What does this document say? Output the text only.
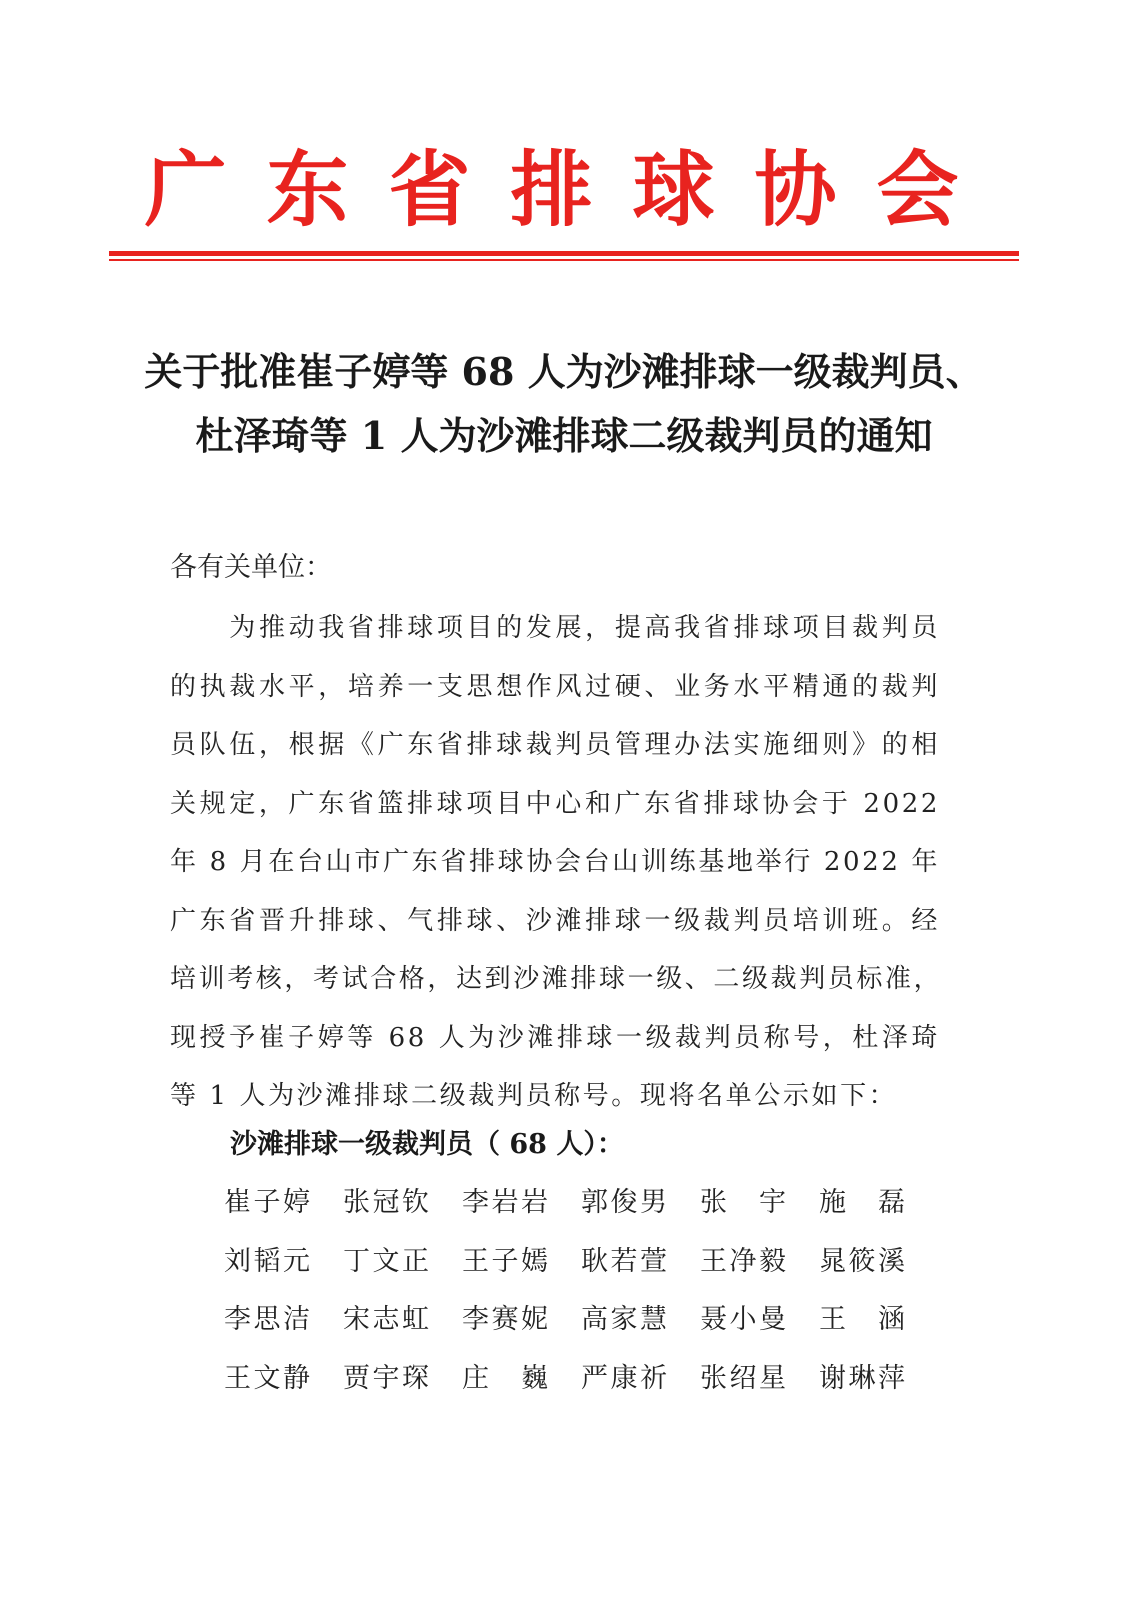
广 东 省 排 球 协 会
关于批准崔子婷等 68 人为沙滩排球一级裁判员、
杜泽琦等 1 人为沙滩排球二级裁判员的通知
各有关单位：
　　为推动我省排球项目的发展，提高我省排球项目裁判员
的执裁水平，培养一支思想作风过硬、业务水平精通的裁判
员队伍，根据《广东省排球裁判员管理办法实施细则》的相
关规定，广东省篮排球项目中心和广东省排球协会于 2022
年 8 月在台山市广东省排球协会台山训练基地举行 2022 年
广东省晋升排球、气排球、沙滩排球一级裁判员培训班。经
培训考核，考试合格，达到沙滩排球一级、二级裁判员标准，
现授予崔子婷等 68 人为沙滩排球一级裁判员称号，杜泽琦
等 1 人为沙滩排球二级裁判员称号。现将名单公示如下：
沙滩排球一级裁判员（ 68 人）：
崔子婷 张冠钦 李岩岩 郭俊男 张 宇 施 磊
刘韬元 丁文正 王子嫣 耿若萱 王净毅 晁筱溪
李思洁 宋志虹 李赛妮 高家慧 聂小曼 王 涵
王文静 贾宇琛 庄 巍 严康祈 张绍星 谢琳萍
